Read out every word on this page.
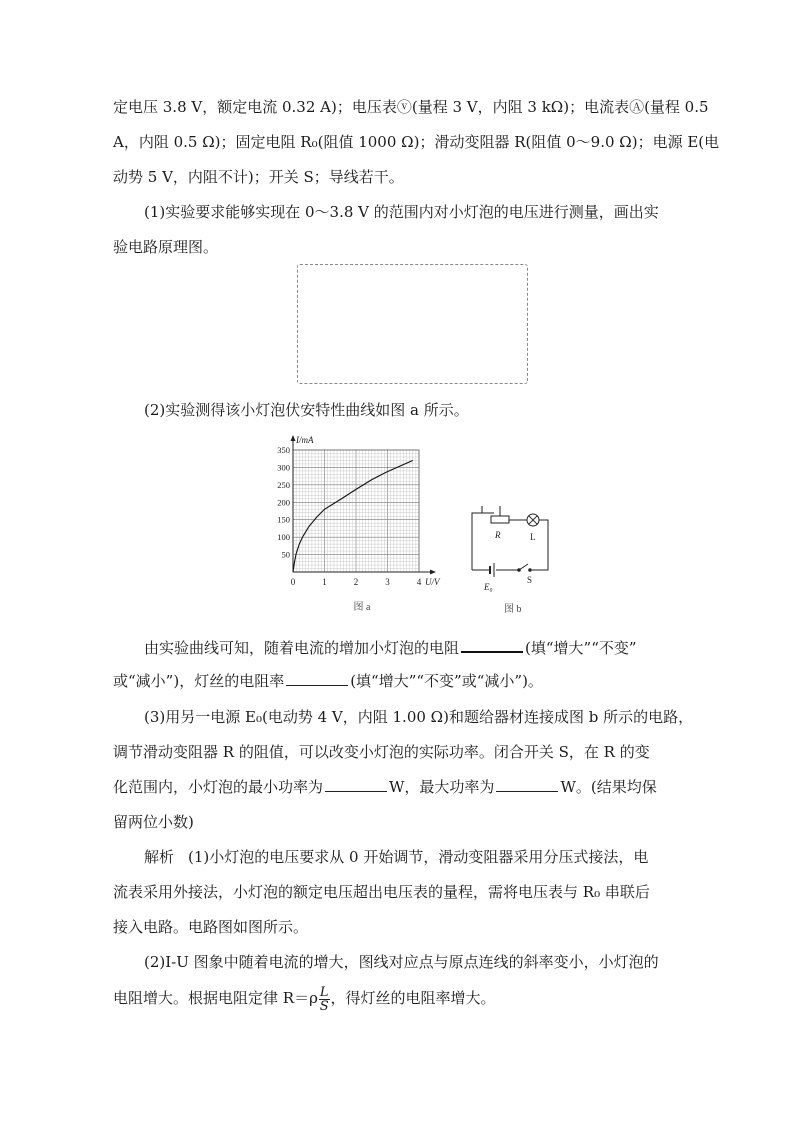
定电压 3.8 V，额定电流 0.32 A)；电压表ⓥ(量程 3 V，内阻 3 kΩ)；电流表Ⓐ(量程 0.5
A，内阻 0.5 Ω)；固定电阻 R₀(阻值 1000 Ω)；滑动变阻器 R(阻值 0～9.0 Ω)；电源 E(电
动势 5 V，内阻不计)；开关 S；导线若干。
(1)实验要求能够实现在 0～3.8 V 的范围内对小灯泡的电压进行测量，画出实
验电路原理图。
(2)实验测得该小灯泡伏安特性曲线如图 a 所示。
0	1	2	3	4
50
100
150
200
250
300
350
I/mA
U/V
图 a
R	L
E₀
S
图 b
由实验曲线可知，随着电流的增加小灯泡的电阻	(填“增大”“不变”
或“减小”)，灯丝的电阻率	(填“增大”“不变”或“减小”)。
(3)用另一电源 E₀(电动势 4 V，内阻 1.00 Ω)和题给器材连接成图 b 所示的电路，
调节滑动变阻器 R 的阻值，可以改变小灯泡的实际功率。闭合开关 S，在 R 的变
化范围内，小灯泡的最小功率为	W，最大功率为	W。(结果均保
留两位小数)
解析 (1)小灯泡的电压要求从 0 开始调节，滑动变阻器采用分压式接法，电
流表采用外接法，小灯泡的额定电压超出电压表的量程，需将电压表与 R₀ 串联后
接入电路。电路图如图所示。
(2)I-U 图象中随着电流的增大，图线对应点与原点连线的斜率变小，小灯泡的
电阻增大。根据电阻定律 $R=\rho \frac{L}{S}$ ，得灯丝的电阻率增大。
